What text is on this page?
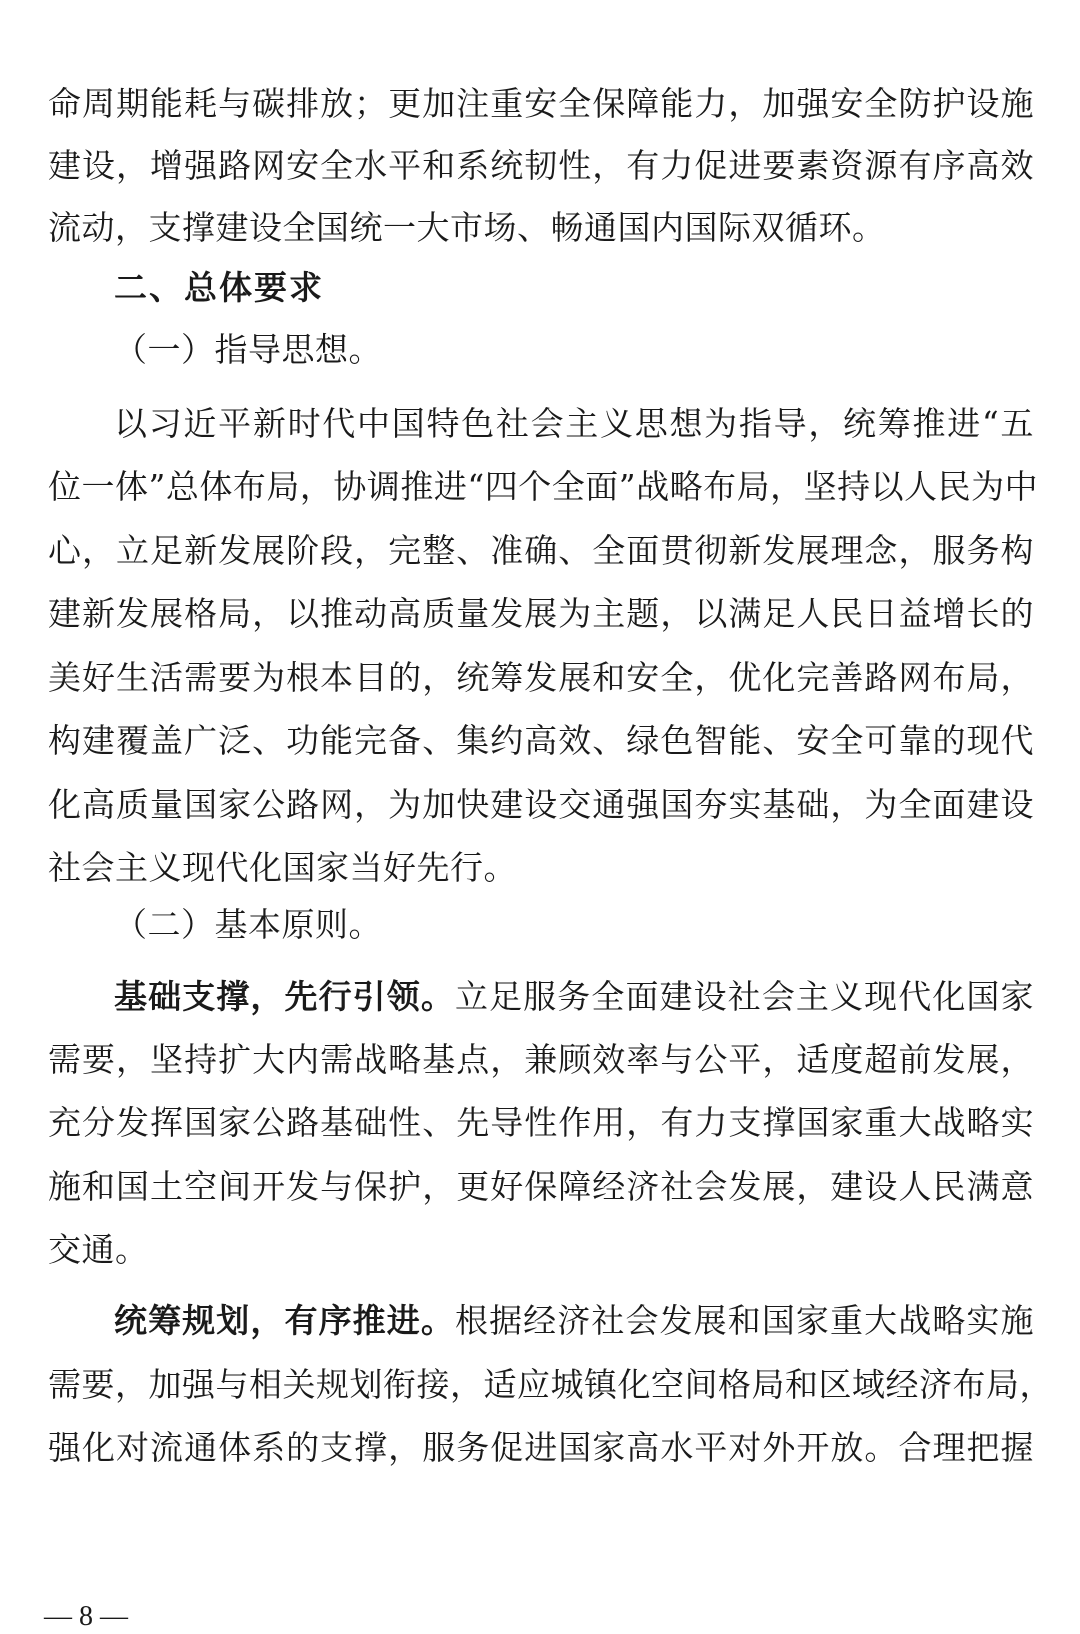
命周期能耗与碳排放；更加注重安全保障能力，加强安全防护设施
建设，增强路网安全水平和系统韧性，有力促进要素资源有序高效
流动，支撑建设全国统一大市场、畅通国内国际双循环。
二、总体要求
（一）指导思想。
以习近平新时代中国特色社会主义思想为指导，统筹推进“五
位一体”总体布局，协调推进“四个全面”战略布局，坚持以人民为中
心，立足新发展阶段，完整、准确、全面贯彻新发展理念，服务构
建新发展格局，以推动高质量发展为主题，以满足人民日益增长的
美好生活需要为根本目的，统筹发展和安全，优化完善路网布局，
构建覆盖广泛、功能完备、集约高效、绿色智能、安全可靠的现代
化高质量国家公路网，为加快建设交通强国夯实基础，为全面建设
社会主义现代化国家当好先行。
（二）基本原则。
基础支撑，先行引领。立足服务全面建设社会主义现代化国家
需要，坚持扩大内需战略基点，兼顾效率与公平，适度超前发展，
充分发挥国家公路基础性、先导性作用，有力支撑国家重大战略实
施和国土空间开发与保护，更好保障经济社会发展，建设人民满意
交通。
统筹规划，有序推进。根据经济社会发展和国家重大战略实施
需要，加强与相关规划衔接，适应城镇化空间格局和区域经济布局，
强化对流通体系的支撑，服务促进国家高水平对外开放。合理把握
— 8 —
